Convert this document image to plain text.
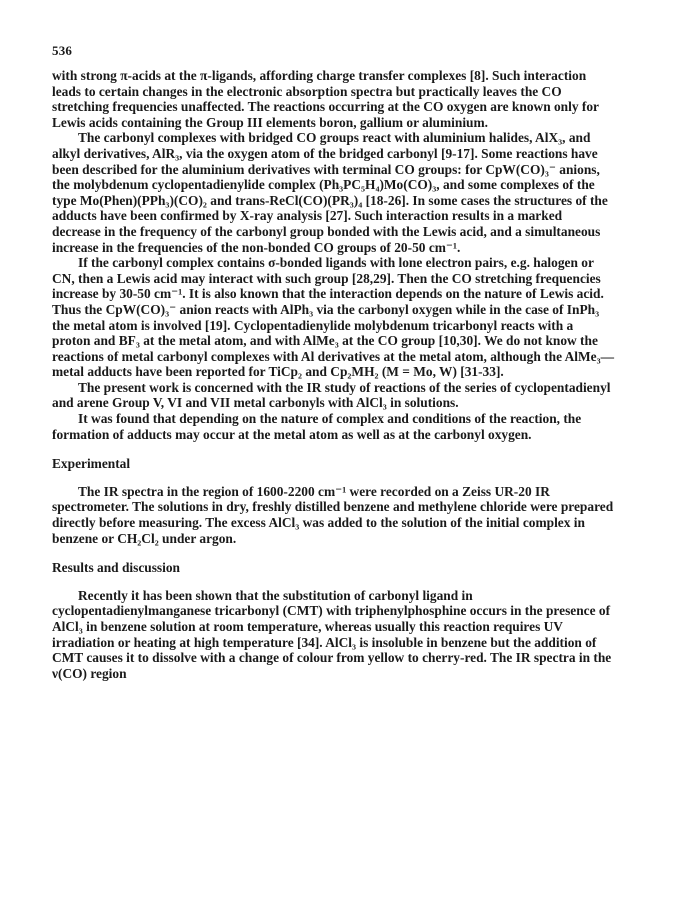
536

with strong π-acids at the π-ligands, affording charge transfer complexes [8]. Such interaction leads to certain changes in the electronic absorption spectra but practically leaves the CO stretching frequencies unaffected. The reactions occurring at the CO oxygen are known only for Lewis acids containing the Group III elements boron, gallium or aluminium.

The carbonyl complexes with bridged CO groups react with aluminium halides, AlX₃, and alkyl derivatives, AlR₃, via the oxygen atom of the bridged carbonyl [9-17]. Some reactions have been described for the aluminium derivatives with terminal CO groups: for CpW(CO)₃⁻ anions, the molybdenum cyclopentadienylide complex (Ph₃PC₅H₄)Mo(CO)₃, and some complexes of the type Mo(Phen)(PPh₃)(CO)₂ and trans-ReCl(CO)(PR₃)₄ [18-26]. In some cases the structures of the adducts have been confirmed by X-ray analysis [27]. Such interaction results in a marked decrease in the frequency of the carbonyl group bonded with the Lewis acid, and a simultaneous increase in the frequencies of the non-bonded CO groups of 20-50 cm⁻¹.

If the carbonyl complex contains σ-bonded ligands with lone electron pairs, e.g. halogen or CN, then a Lewis acid may interact with such group [28,29]. Then the CO stretching frequencies increase by 30-50 cm⁻¹. It is also known that the interaction depends on the nature of Lewis acid. Thus the CpW(CO)₃⁻ anion reacts with AlPh₃ via the carbonyl oxygen while in the case of InPh₃ the metal atom is involved [19]. Cyclopentadienylide molybdenum tricarbonyl reacts with a proton and BF₃ at the metal atom, and with AlMe₃ at the CO group [10,30]. We do not know the reactions of metal carbonyl complexes with Al derivatives at the metal atom, although the AlMe₃—metal adducts have been reported for TiCp₂ and Cp₂MH₂ (M = Mo, W) [31-33].

The present work is concerned with the IR study of reactions of the series of cyclopentadienyl and arene Group V, VI and VII metal carbonyls with AlCl₃ in solutions.

It was found that depending on the nature of complex and conditions of the reaction, the formation of adducts may occur at the metal atom as well as at the carbonyl oxygen.

Experimental

The IR spectra in the region of 1600-2200 cm⁻¹ were recorded on a Zeiss UR-20 IR spectrometer. The solutions in dry, freshly distilled benzene and methylene chloride were prepared directly before measuring. The excess AlCl₃ was added to the solution of the initial complex in benzene or CH₂Cl₂ under argon.

Results and discussion

Recently it has been shown that the substitution of carbonyl ligand in cyclopentadienylmanganese tricarbonyl (CMT) with triphenylphosphine occurs in the presence of AlCl₃ in benzene solution at room temperature, whereas usually this reaction requires UV irradiation or heating at high temperature [34]. AlCl₃ is insoluble in benzene but the addition of CMT causes it to dissolve with a change of colour from yellow to cherry-red. The IR spectra in the ν(CO) region
